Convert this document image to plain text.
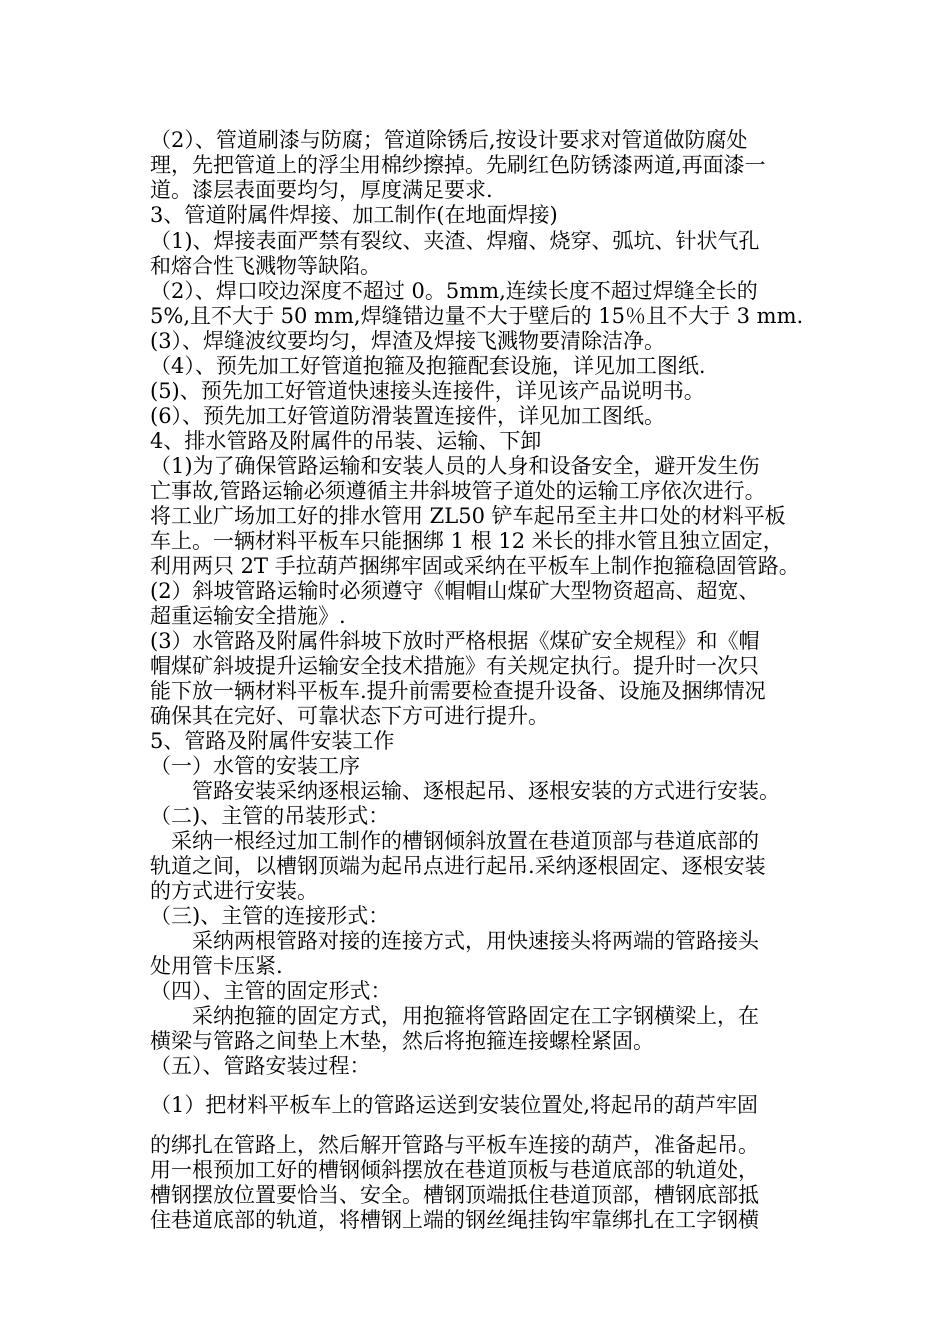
（2）、管道刷漆与防腐；管道除锈后,按设计要求对管道做防腐处
理，先把管道上的浮尘用棉纱擦掉。先刷红色防锈漆两道,再面漆一
道。漆层表面要均匀，厚度满足要求.
3、管道附属件焊接、加工制作(在地面焊接)
（1)、焊接表面严禁有裂纹、夹渣、焊瘤、烧穿、弧坑、针状气孔
和熔合性飞溅物等缺陷。
（2）、焊口咬边深度不超过 0。5mm,连续长度不超过焊缝全长的
5%,且不大于 50 mm,焊缝错边量不大于壁后的 15％且不大于 3 mm.
(3）、焊缝波纹要均匀，焊渣及焊接飞溅物要清除洁净。
（4）、预先加工好管道抱箍及抱箍配套设施，详见加工图纸.
(5)、预先加工好管道快速接头连接件，详见该产品说明书。
(6）、预先加工好管道防滑装置连接件，详见加工图纸。
4、排水管路及附属件的吊装、运输、下卸
（1)为了确保管路运输和安装人员的人身和设备安全，避开发生伤
亡事故,管路运输必须遵循主井斜坡管子道处的运输工序依次进行。
将工业广场加工好的排水管用 ZL50 铲车起吊至主井口处的材料平板
车上。一辆材料平板车只能捆绑 1 根 12 米长的排水管且独立固定，
利用两只 2T 手拉葫芦捆绑牢固或采纳在平板车上制作抱箍稳固管路。
(2）斜坡管路运输时必须遵守《帽帽山煤矿大型物资超高、超宽、
超重运输安全措施》.
(3）水管路及附属件斜坡下放时严格根据《煤矿安全规程》和《帽
帽煤矿斜坡提升运输安全技术措施》有关规定执行。提升时一次只
能下放一辆材料平板车.提升前需要检查提升设备、设施及捆绑情况
确保其在完好、可靠状态下方可进行提升。
5、管路及附属件安装工作
（一）水管的安装工序
　　管路安装采纳逐根运输、逐根起吊、逐根安装的方式进行安装。
（二)、主管的吊装形式：
　采纳一根经过加工制作的槽钢倾斜放置在巷道顶部与巷道底部的
轨道之间，以槽钢顶端为起吊点进行起吊.采纳逐根固定、逐根安装
的方式进行安装。
（三)、主管的连接形式：
　　采纳两根管路对接的连接方式，用快速接头将两端的管路接头
处用管卡压紧.
（四）、主管的固定形式：
　　采纳抱箍的固定方式，用抱箍将管路固定在工字钢横梁上，在
横梁与管路之间垫上木垫，然后将抱箍连接螺栓紧固。
（五）、管路安装过程：
（1）把材料平板车上的管路运送到安装位置处,将起吊的葫芦牢固
的绑扎在管路上，然后解开管路与平板车连接的葫芦，准备起吊。
用一根预加工好的槽钢倾斜摆放在巷道顶板与巷道底部的轨道处，
槽钢摆放位置要恰当、安全。槽钢顶端抵住巷道顶部，槽钢底部抵
住巷道底部的轨道，将槽钢上端的钢丝绳挂钩牢靠绑扎在工字钢横
